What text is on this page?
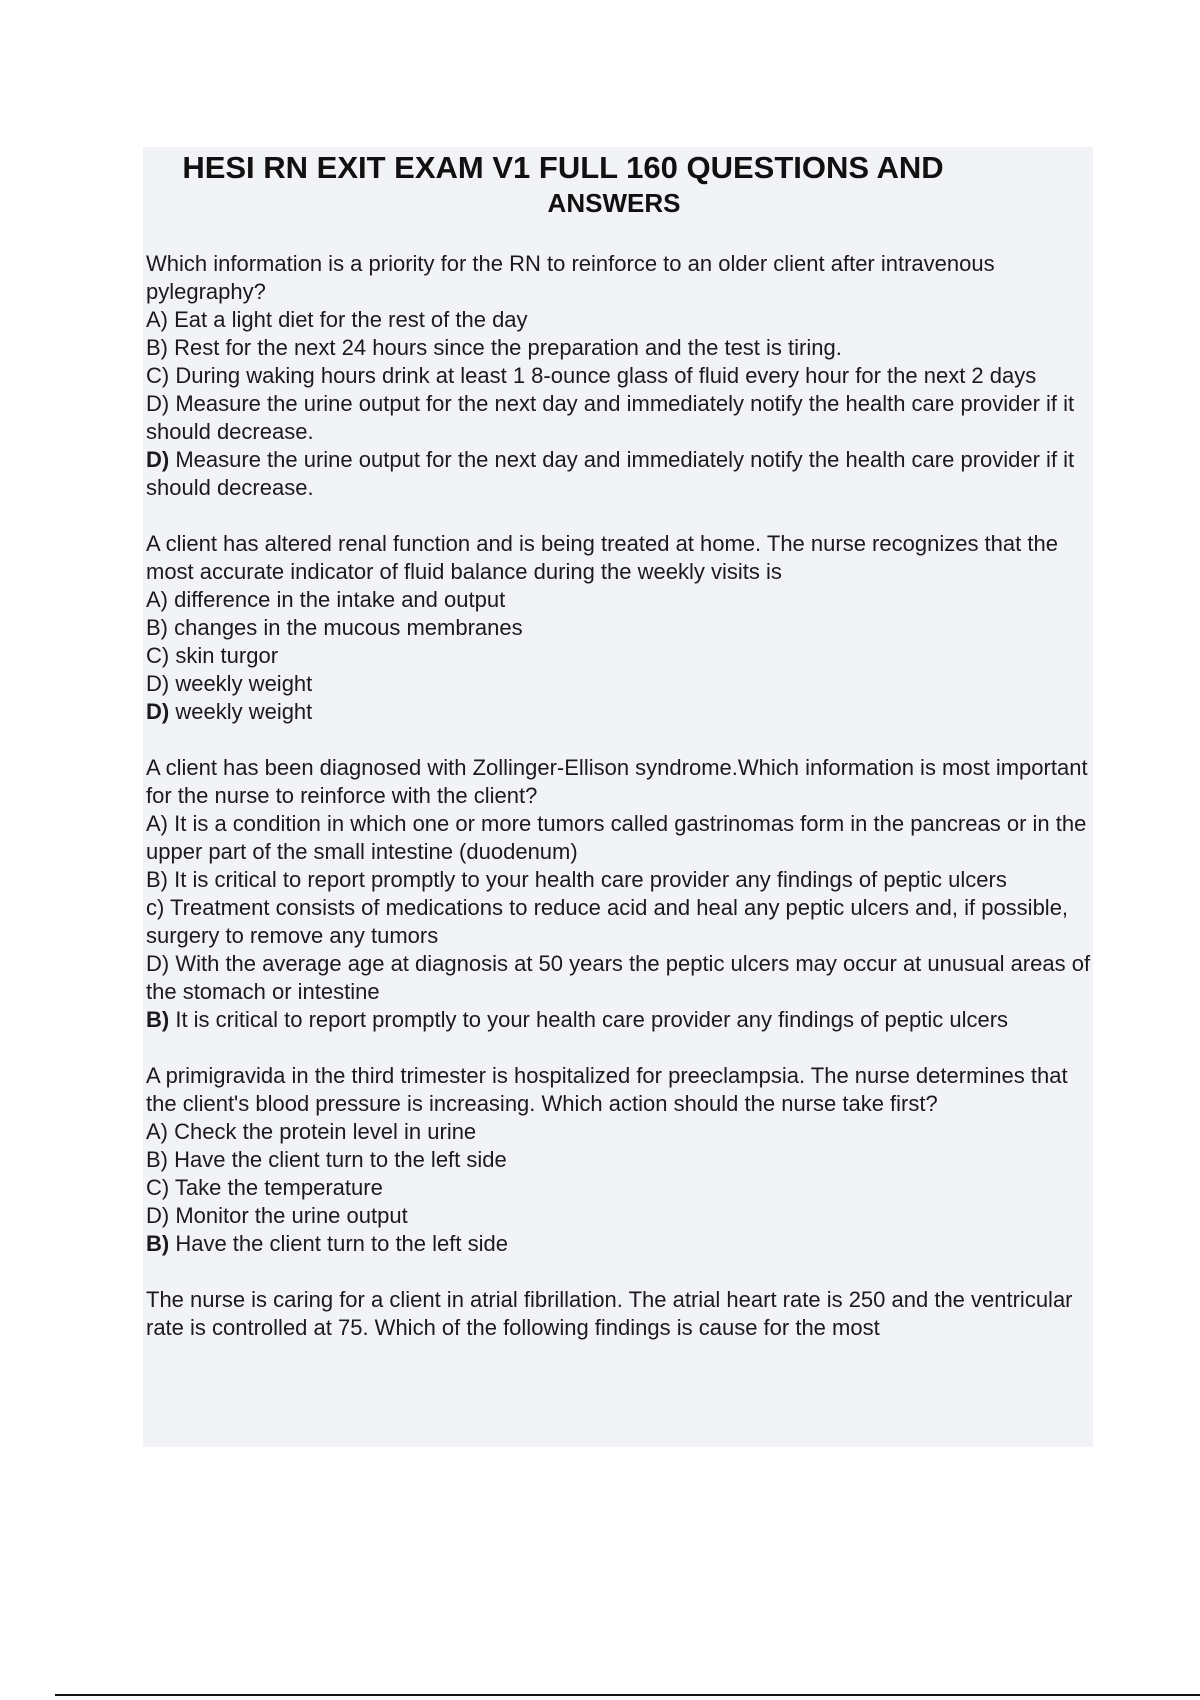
HESI RN EXIT EXAM V1 FULL 160 QUESTIONS AND
ANSWERS

Which information is a priority for the RN to reinforce to an older client after intravenous pylegraphy?

A) Eat a light diet for the rest of the day

B) Rest for the next 24 hours since the preparation and the test is tiring.

C) During waking hours drink at least 1 8-ounce glass of fluid every hour for the next 2 days

D) Measure the urine output for the next day and immediately notify the health care provider if it should decrease.

D) Measure the urine output for the next day and immediately notify the health care provider if it should decrease.

A client has altered renal function and is being treated at home. The nurse recognizes that the most accurate indicator of fluid balance during the weekly visits is

A) difference in the intake and output

B) changes in the mucous membranes

C) skin turgor

D) weekly weight

D) weekly weight

A client has been diagnosed with Zollinger-Ellison syndrome.Which information is most important for the nurse to reinforce with the client?

A) It is a condition in which one or more tumors called gastrinomas form in the pancreas or in the upper part of the small intestine (duodenum)

B) It is critical to report promptly to your health care provider any findings of peptic ulcers

c) Treatment consists of medications to reduce acid and heal any peptic ulcers and, if possible, surgery to remove any tumors

D) With the average age at diagnosis at 50 years the peptic ulcers may occur at unusual areas of the stomach or intestine

B) It is critical to report promptly to your health care provider any findings of peptic ulcers

A primigravida in the third trimester is hospitalized for preeclampsia. The nurse determines that the client's blood pressure is increasing. Which action should the nurse take first?

A) Check the protein level in urine

B) Have the client turn to the left side

C) Take the temperature

D) Monitor the urine output

B) Have the client turn to the left side

The nurse is caring for a client in atrial fibrillation. The atrial heart rate is 250 and the ventricular rate is controlled at 75. Which of the following findings is cause for the most
